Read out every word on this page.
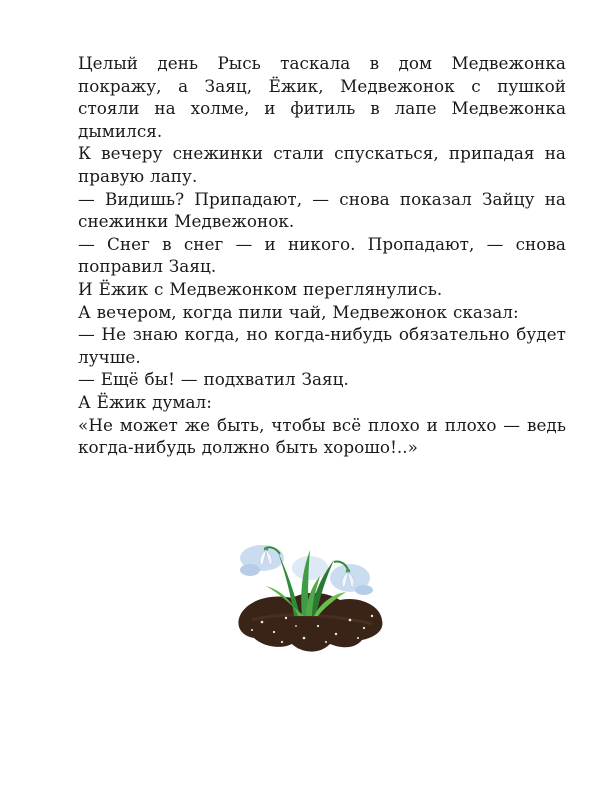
Целый день Рысь таскала в дом Медвежонка покражу, а Заяц, Ёжик, Медвежонок с пушкой стояли на холме, и фитиль в лапе Медвежонка дымился.

К вечеру снежинки стали спускаться, припадая на правую лапу.

— Видишь? Припадают, — снова показал Зайцу на снежинки Медвежонок.

— Снег в снег — и никого. Пропадают, — снова поправил Заяц.

И Ёжик с Медвежонком переглянулись.

А вечером, когда пили чай, Медвежонок сказал:

— Не знаю когда, но когда-нибудь обязательно будет лучше.

— Ещё бы! — подхватил Заяц.

А Ёжик думал:

«Не может же быть, чтобы всё плохо и плохо — ведь когда-нибудь должно быть хорошо!..»
